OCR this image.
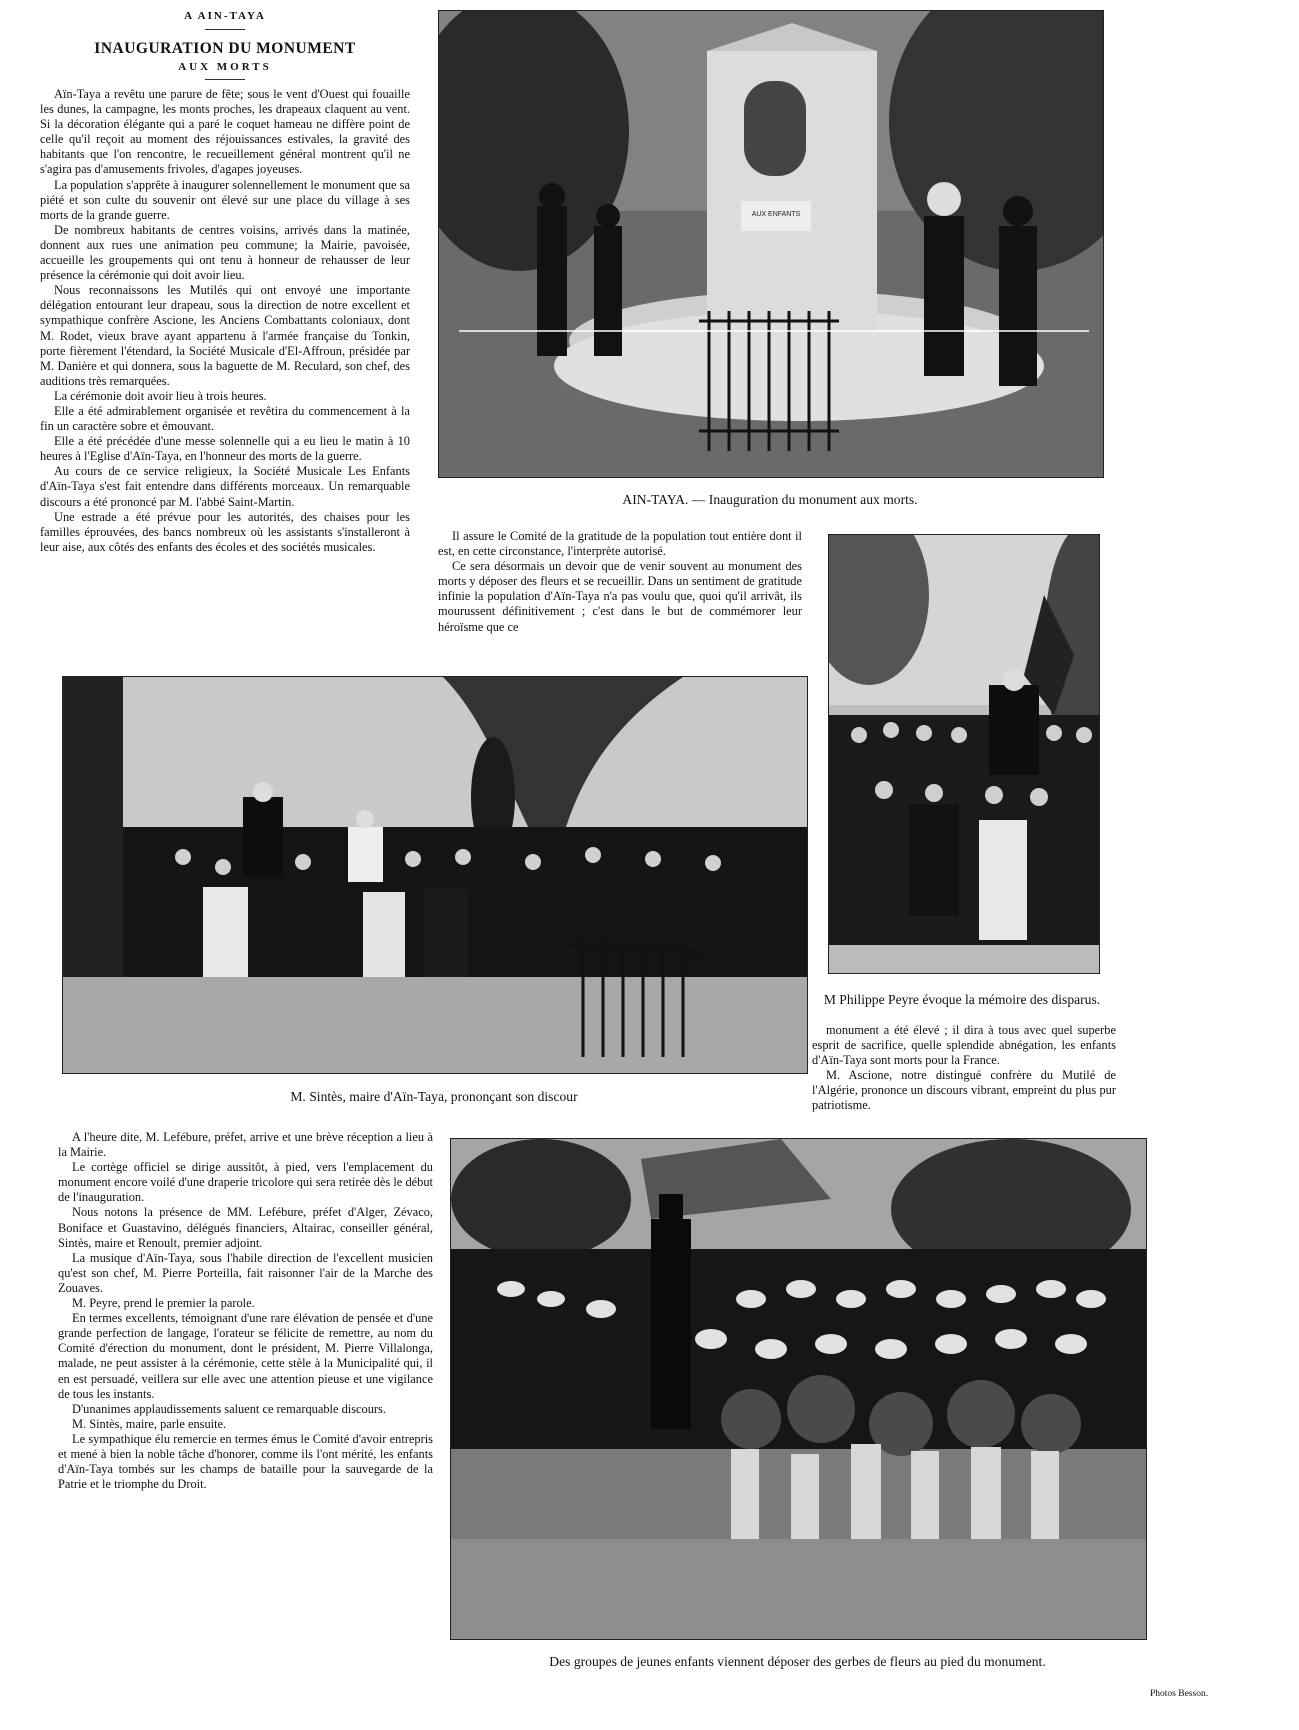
A AIN-TAYA
INAUGURATION DU MONUMENT
AUX MORTS

Aïn-Taya a revêtu une parure de fête; sous le vent d'Ouest qui fouaille les dunes, la campagne, les monts proches, les drapeaux claquent au vent. Si la décoration élégante qui a paré le coquet hameau ne diffère point de celle qu'il reçoit au moment des réjouissances estivales, la gravité des habitants que l'on rencontre, le recueillement général montrent qu'il ne s'agira pas d'amusements frivoles, d'agapes joyeuses.

La population s'apprête à inaugurer solennellement le monument que sa piété et son culte du souvenir ont élevé sur une place du village à ses morts de la grande guerre.

De nombreux habitants de centres voisins, arrivés dans la matinée, donnent aux rues une animation peu commune; la Mairie, pavoisée, accueille les groupements qui ont tenu à honneur de rehausser de leur présence la cérémonie qui doit avoir lieu.

Nous reconnaissons les Mutilés qui ont envoyé une importante délégation entourant leur drapeau, sous la direction de notre excellent et sympathique confrère Ascione, les Anciens Combattants coloniaux, dont M. Rodet, vieux brave ayant appartenu à l'armée française du Tonkin, porte fièrement l'étendard, la Société Musicale d'El-Affroun, présidée par M. Danière et qui donnera, sous la baguette de M. Reculard, son chef, des auditions très remarquées.

La cérémonie doit avoir lieu à trois heures.

Elle a été admirablement organisée et revêtira du commencement à la fin un caractère sobre et émouvant.

Elle a été précédée d'une messe solennelle qui a eu lieu le matin à 10 heures à l'Eglise d'Aïn-Taya, en l'honneur des morts de la guerre.

Au cours de ce service religieux, la Société Musicale Les Enfants d'Aïn-Taya s'est fait entendre dans différents morceaux. Un remarquable discours a été prononcé par M. l'abbé Saint-Martin.

Une estrade a été prévue pour les autorités, des chaises pour les familles éprouvées, des bancs nombreux où les assistants s'installeront à leur aise, aux côtés des enfants des écoles et des sociétés musicales.

AUX ENFANTS
AIN-TAYA. — Inauguration du monument aux morts.

Il assure le Comité de la gratitude de la population tout entière dont il est, en cette circonstance, l'interprète autorisé.

Ce sera désormais un devoir que de venir souvent au monument des morts y déposer des fleurs et se recueillir. Dans un sentiment de gratitude infinie la population d'Aïn-Taya n'a pas voulu que, quoi qu'il arrivât, ils mourussent définitivement ; c'est dans le but de commémorer leur héroïsme que ce

M Philippe Peyre évoque la mémoire des disparus.
M. Sintès, maire d'Aïn-Taya, prononçant son discour

monument a été élevé ; il dira à tous avec quel superbe esprit de sacrifice, quelle splendide abnégation, les enfants d'Aïn-Taya sont morts pour la France.

M. Ascione, notre distingué confrère du Mutilé de l'Algérie, prononce un discours vibrant, empreint du plus pur patriotisme.

A l'heure dite, M. Lefébure, préfet, arrive et une brève réception a lieu à la Mairie.

Le cortège officiel se dirige aussitôt, à pied, vers l'emplacement du monument encore voilé d'une draperie tricolore qui sera retirée dès le début de l'inauguration.

Nous notons la présence de MM. Lefébure, préfet d'Alger, Zévaco, Boniface et Guastavino, délégués financiers, Altairac, conseiller général, Sintès, maire et Renoult, premier adjoint.

La musique d'Aïn-Taya, sous l'habile direction de l'excellent musicien qu'est son chef, M. Pierre Porteilla, fait raisonner l'air de la Marche des Zouaves.

M. Peyre, prend le premier la parole.

En termes excellents, témoignant d'une rare élévation de pensée et d'une grande perfection de langage, l'orateur se félicite de remettre, au nom du Comité d'érection du monument, dont le président, M. Pierre Villalonga, malade, ne peut assister à la cérémonie, cette stèle à la Municipalité qui, il en est persuadé, veillera sur elle avec une attention pieuse et une vigilance de tous les instants.

D'unanimes applaudissements saluent ce remarquable discours.

M. Sintès, maire, parle ensuite.

Le sympathique élu remercie en termes émus le Comité d'avoir entrepris et mené à bien la noble tâche d'honorer, comme ils l'ont mérité, les enfants d'Aïn-Taya tombés sur les champs de bataille pour la sauvegarde de la Patrie et le triomphe du Droit.

Des groupes de jeunes enfants viennent déposer des gerbes de fleurs au pied du monument.
Photos Besson.
